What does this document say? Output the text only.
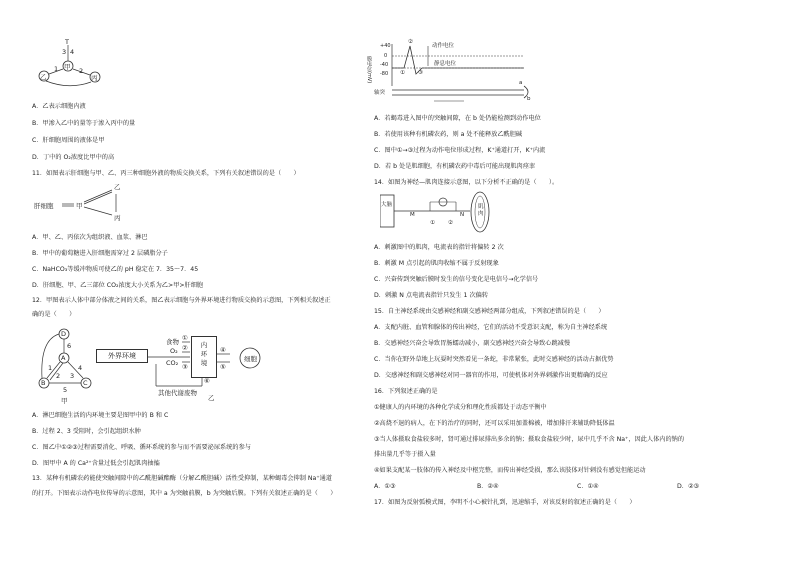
T
乙
甲
丙
3 4
1	2
A．乙表示细胞内液
B．甲渗入乙中的量等于渗入丙中的量
C．肝细胞周围的液体是甲
D．丁中的 O₂浓度比甲中的高
11．如图表示肝细胞与甲、乙、丙三种细胞外液的物质交换关系，下列有关叙述错误的是（　　）
肝细胞	甲
乙
丙
A．甲、乙、丙依次为组织液、血浆、淋巴
B．甲中的葡萄糖进入肝细胞需穿过 2 层磷脂分子
C．NaHCO₃等缓冲物质可使乙的 pH 稳定在 7．35～7．45
D．肝细胞、甲、乙三部位 CO₂浓度大小关系为乙>甲>肝细胞
12．甲图表示人体中部分体液之间的关系，图乙表示细胞与外界环境进行物质交换的示意图，下列相关叙述正
确的是（　　）
D
A
B	C
6
1
2 3
4
5
甲
外界环境
食物
O₂
CO₂
内环境	细胞
其他代谢废物
①
②
③
④
⑤
⑥
乙
A．淋巴细胞生活的内环境主要是图甲中的 B 和 C
B．过程 2、3 受阻时，会引起组织水肿
C．图乙中①②③过程需要消化、呼吸、循环系统的参与而不需要泌尿系统的参与
D．图甲中 A 的 Ca²⁺含量过低会引起肌肉抽搐
13．某种有机磷农药能使突触间隙中的乙酰胆碱酯酶（分解乙酰胆碱）活性受抑制，某种蝎毒会抑制 Na⁺通道
的打开。下图表示动作电位传导的示意图，其中 a 为突触前膜，b 为突触后膜。下列有关叙述正确的是（　　）
膜电位(mV)
+40
0
-40
-80
动作电位
静息电位
①
②
③
轴突
a
b
A．若蝎毒进入图中的突触间隙，在 b 处仍能检测到动作电位
B．若使用该种有机磷农药，则 a 处不能释放乙酰胆碱
C．图中①→③过程为动作电位形成过程，K⁺通道打开，K⁺内流
D．若 b 处是肌细胞，有机磷农药中毒后可能出现肌肉痉挛
14．如图为神经—肌肉连接示意图，以下分析不正确的是（　　）。
大脑	肌肉
M	N
① ②
A．刺激图中的肌肉，电流表的指针将偏转 2 次
B．刺激 M 点引起的肌肉收缩不属于反射现象
C．兴奋传到突触后膜时发生的信号变化是电信号→化学信号
D．刺激 N 点电流表指针只发生 1 次偏转
15．自主神经系统由交感神经和副交感神经两部分组成，下列叙述错误的是（　　）
A．支配内脏、血管和腺体的传出神经，它们的活动不受意识支配，称为自主神经系统
B．交感神经兴奋会导致胃肠蠕动减小，副交感神经兴奋会导致心跳减慢
C．当你在野外草地上玩耍时突然看见一条蛇，非常紧张，此时交感神经的活动占据优势
D．交感神经和副交感神经对同一器官的作用，可使机体对外界刺激作出更精确的反应
16．下列叙述正确的是
①健康人的内环境的各种化学成分和理化性质都处于动态平衡中
②高烧不退的病人，在下的治疗的同时，还可以采用加盖棉被，增加排汗来辅助降低体温
③当人体摄取食盐较多时，肾可通过排尿排出多余的钠；摄取食盐较少时，尿中几乎不含 Na⁺，因此人体内的钠的
排出量几乎等于摄入量
④如果支配某一肢体的传入神经及中枢完整，而传出神经受损，那么该肢体对针刺没有感觉但能运动
A．①③	B．②④	C．①④	D．②③
17．如图为反射弧模式图，李明不小心被针扎到，迅速缩手，对该反射的叙述正确的是（　　）
